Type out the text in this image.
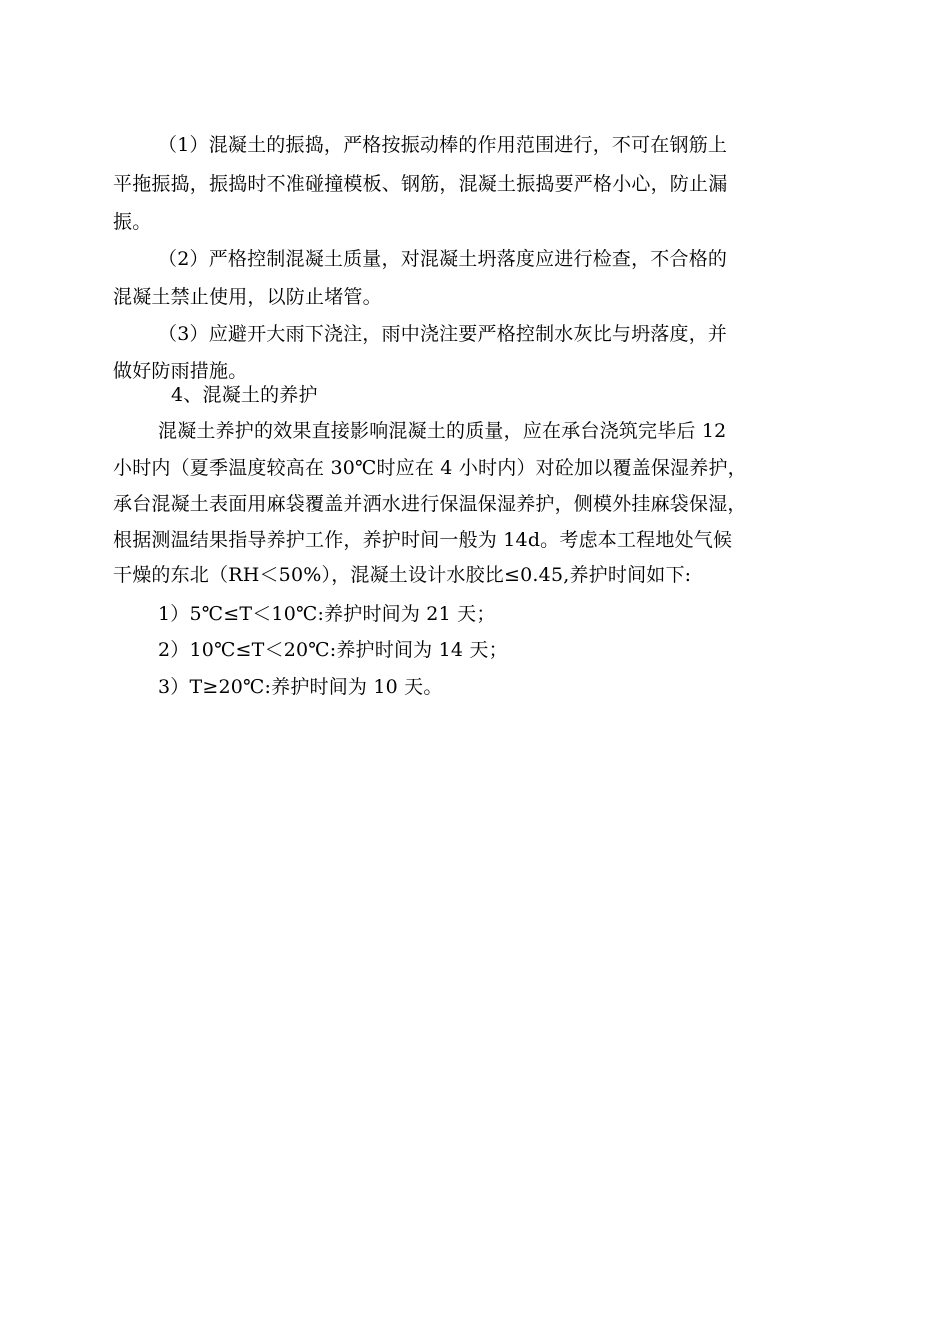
（1）混凝土的振捣，严格按振动棒的作用范围进行，不可在钢筋上
平拖振捣，振捣时不准碰撞模板、钢筋，混凝土振捣要严格小心，防止漏
振。
（2）严格控制混凝土质量，对混凝土坍落度应进行检查，不合格的
混凝土禁止使用，以防止堵管。
（3）应避开大雨下浇注，雨中浇注要严格控制水灰比与坍落度，并
做好防雨措施。
4、混凝土的养护
混凝土养护的效果直接影响混凝土的质量，应在承台浇筑完毕后 12
小时内（夏季温度较高在 30℃时应在 4 小时内）对砼加以覆盖保湿养护，
承台混凝土表面用麻袋覆盖并洒水进行保温保湿养护，侧模外挂麻袋保湿，
根据测温结果指导养护工作，养护时间一般为 14d。考虑本工程地处气候
干燥的东北（RH＜50%），混凝土设计水胶比≤0.45,养护时间如下:
1）5℃≤T＜10℃:养护时间为 21 天；
2）10℃≤T＜20℃:养护时间为 14 天；
3）T≥20℃:养护时间为 10 天。
